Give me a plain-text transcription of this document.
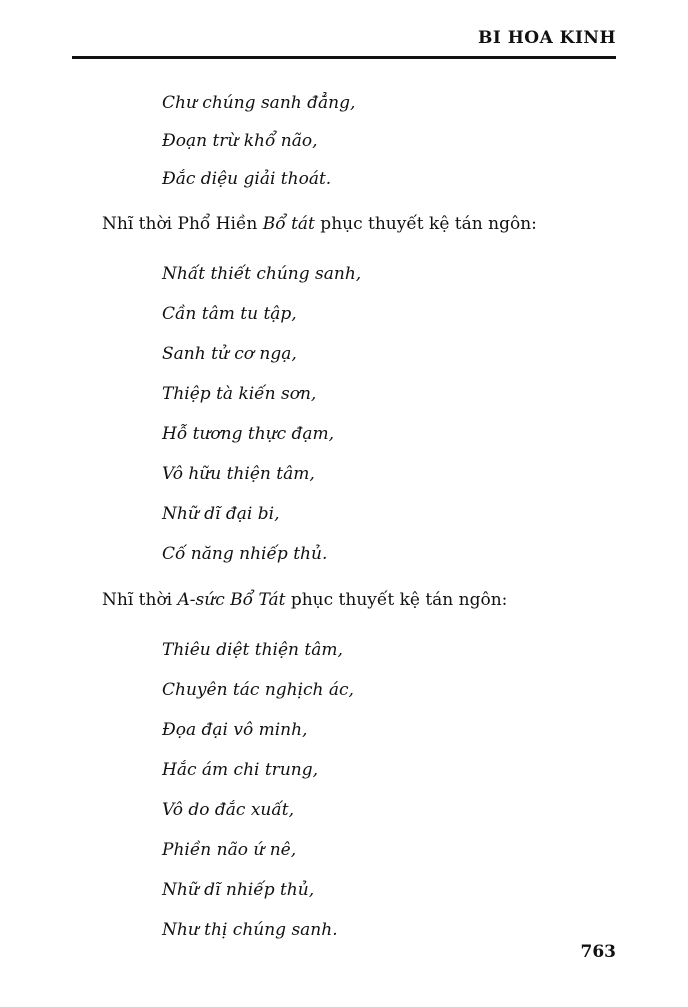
BI HOA KINH
Chư chúng sanh đẳng,
Đoạn trừ khổ não,
Đắc diệu giải thoát.

Nhĩ thời Phổ Hiền Bổ tát phục thuyết kệ tán ngôn:

Nhất thiết chúng sanh,
Cần tâm tu tập,
Sanh tử cơ ngạ,
Thiệp tà kiến sơn,
Hỗ tương thực đạm,
Vô hữu thiện tâm,
Nhữ dĩ đại bi,
Cố năng nhiếp thủ.

Nhĩ thời A-sức Bổ Tát phục thuyết kệ tán ngôn:

Thiêu diệt thiện tâm,
Chuyên tác nghịch ác,
Đọa đại vô minh,
Hắc ám chi trung,
Vô do đắc xuất,
Phiền não ứ nê,
Nhữ dĩ nhiếp thủ,
Như thị chúng sanh.
763
